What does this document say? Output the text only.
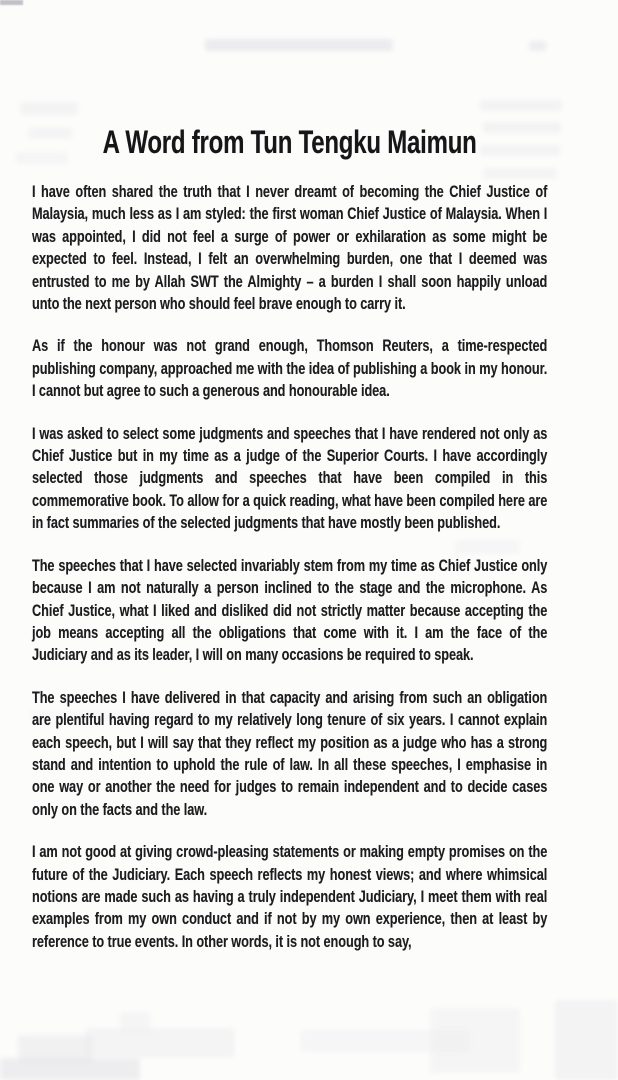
A Word from Tun Tengku Maimun

I have often shared the truth that I never dreamt of becoming the Chief Justice of Malaysia, much less as I am styled: the first woman Chief Justice of Malaysia. When I was appointed, I did not feel a surge of power or exhilaration as some might be expected to feel. Instead, I felt an overwhelming burden, one that I deemed was entrusted to me by Allah SWT the Almighty – a burden I shall soon happily unload unto the next person who should feel brave enough to carry it.

As if the honour was not grand enough, Thomson Reuters, a time-respected publishing company, approached me with the idea of publishing a book in my honour. I cannot but agree to such a generous and honourable idea.

I was asked to select some judgments and speeches that I have rendered not only as Chief Justice but in my time as a judge of the Superior Courts. I have accordingly selected those judgments and speeches that have been compiled in this commemorative book. To allow for a quick reading, what have been compiled here are in fact summaries of the selected judgments that have mostly been published.

The speeches that I have selected invariably stem from my time as Chief Justice only because I am not naturally a person inclined to the stage and the microphone. As Chief Justice, what I liked and disliked did not strictly matter because accepting the job means accepting all the obligations that come with it. I am the face of the Judiciary and as its leader, I will on many occasions be required to speak.

The speeches I have delivered in that capacity and arising from such an obligation are plentiful having regard to my relatively long tenure of six years. I cannot explain each speech, but I will say that they reflect my position as a judge who has a strong stand and intention to uphold the rule of law. In all these speeches, I emphasise in one way or another the need for judges to remain independent and to decide cases only on the facts and the law.

I am not good at giving crowd-pleasing statements or making empty promises on the future of the Judiciary. Each speech reflects my honest views; and where whimsical notions are made such as having a truly independent Judiciary, I meet them with real examples from my own conduct and if not by my own experience, then at least by reference to true events. In other words, it is not enough to say,
